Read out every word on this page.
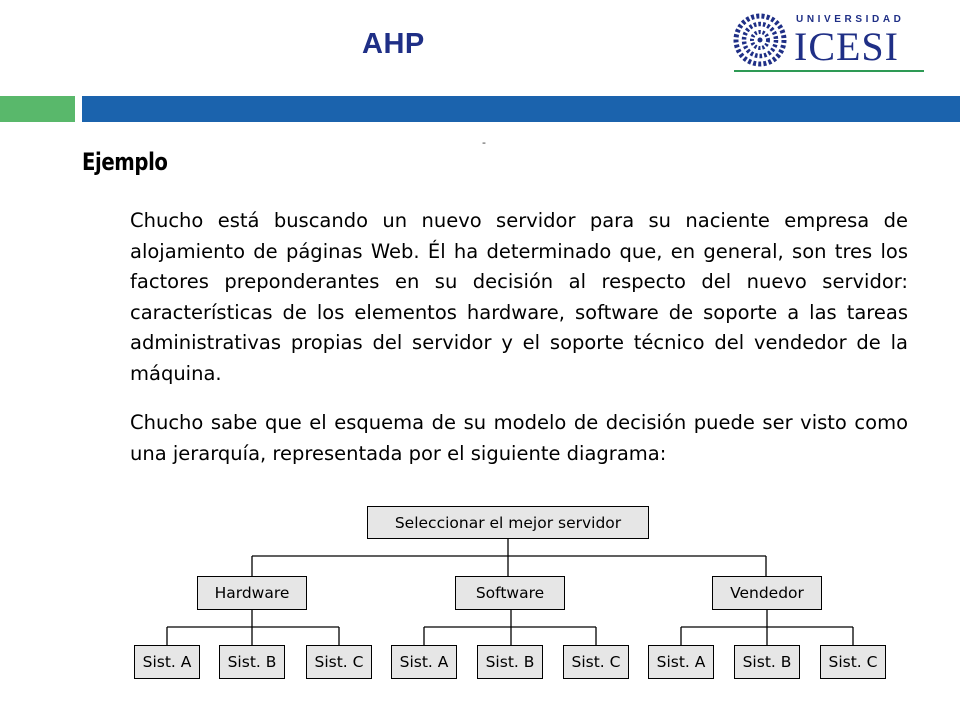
AHP
UNIVERSIDAD
ICESI
-
Ejemplo
Chucho está buscando un nuevo servidor para su naciente empresa de alojamiento de páginas Web. Él ha determinado que, en general, son tres los factores preponderantes en su decisión al respecto del nuevo servidor: características de los elementos hardware, software de soporte a las tareas administrativas propias del servidor y el soporte técnico del vendedor de la máquina.
Chucho sabe que el esquema de su modelo de decisión puede ser visto como una jerarquía, representada por el siguiente diagrama:
Seleccionar el mejor servidor
Hardware	Software	Vendedor
Sist. A	Sist. B	Sist. C	Sist. A	Sist. B	Sist. C	Sist. A	Sist. B	Sist. C
